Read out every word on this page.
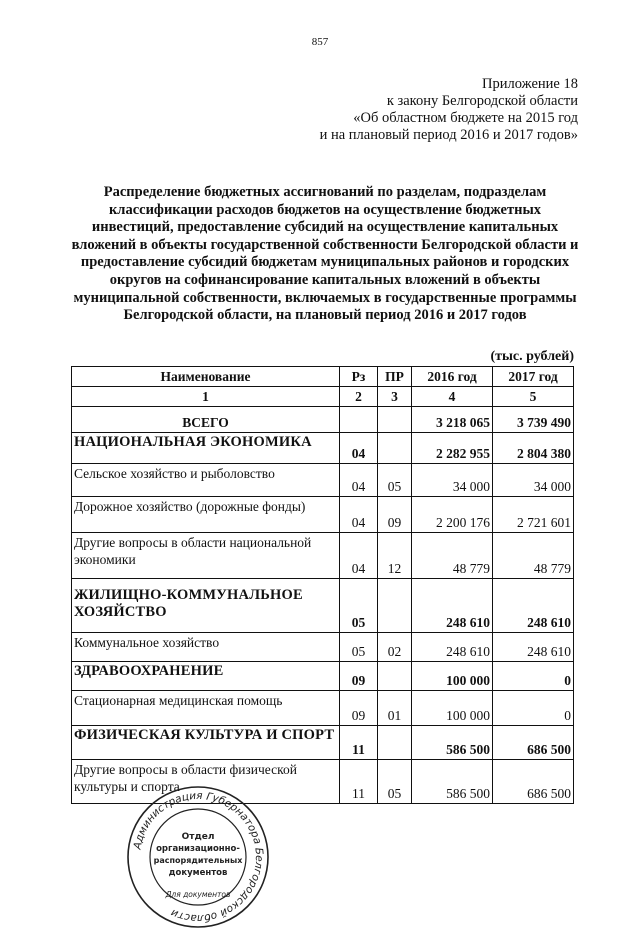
857
Приложение 18
к закону Белгородской области
«Об областном бюджете на 2015 год
и на плановый период 2016 и 2017 годов»
Распределение бюджетных ассигнований по разделам, подразделам классификации расходов бюджетов на осуществление бюджетных инвестиций, предоставление субсидий на осуществление капитальных вложений в объекты государственной собственности Белгородской области и предоставление субсидий бюджетам муниципальных районов и городских округов на софинансирование капитальных вложений в объекты муниципальной собственности, включаемых в государственные программы Белгородской области, на плановый период 2016 и 2017 годов
(тыс. рублей)
Наименование	Рз	ПР	2016 год	2017 год
1	2	3	4	5
ВСЕГО			3 218 065	3 739 490
НАЦИОНАЛЬНАЯ ЭКОНОМИКА	04		2 282 955	2 804 380
Сельское хозяйство и рыболовство	04	05	34 000	34 000
Дорожное хозяйство (дорожные фонды)	04	09	2 200 176	2 721 601
Другие вопросы в области национальной экономики	04	12	48 779	48 779
ЖИЛИЩНО-КОММУНАЛЬНОЕ ХОЗЯЙСТВО	05		248 610	248 610
Коммунальное хозяйство	05	02	248 610	248 610
ЗДРАВООХРАНЕНИЕ	09		100 000	0
Стационарная медицинская помощь	09	01	100 000	0
ФИЗИЧЕСКАЯ КУЛЬТУРА И СПОРТ	11		586 500	686 500
Другие вопросы в области физической культуры и спорта	11	05	586 500	686 500
Администрация Губернатора Белгородской области
Отдел
организационно-
распорядительных
документов
Для документов
